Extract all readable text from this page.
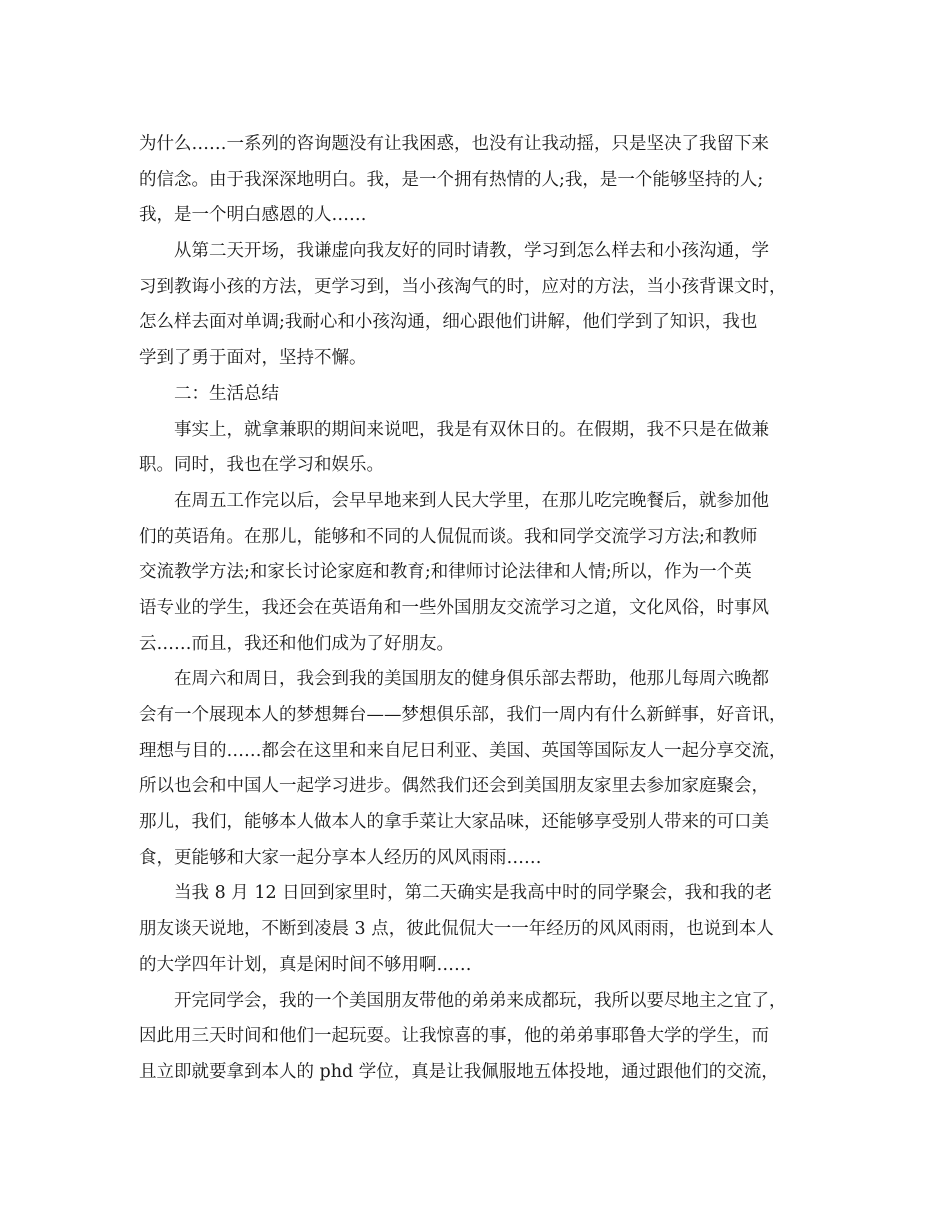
为什么……一系列的咨询题没有让我困惑，也没有让我动摇，只是坚决了我留下来
的信念。由于我深深地明白。我，是一个拥有热情的人;我，是一个能够坚持的人;
我，是一个明白感恩的人……
从第二天开场，我谦虚向我友好的同时请教，学习到怎么样去和小孩沟通，学
习到教诲小孩的方法，更学习到，当小孩淘气的时，应对的方法，当小孩背课文时，
怎么样去面对单调;我耐心和小孩沟通，细心跟他们讲解，他们学到了知识，我也
学到了勇于面对，坚持不懈。
二：生活总结
事实上，就拿兼职的期间来说吧，我是有双休日的。在假期，我不只是在做兼
职。同时，我也在学习和娱乐。
在周五工作完以后，会早早地来到人民大学里，在那儿吃完晚餐后，就参加他
们的英语角。在那儿，能够和不同的人侃侃而谈。我和同学交流学习方法;和教师
交流教学方法;和家长讨论家庭和教育;和律师讨论法律和人情;所以，作为一个英
语专业的学生，我还会在英语角和一些外国朋友交流学习之道，文化风俗，时事风
云……而且，我还和他们成为了好朋友。
在周六和周日，我会到我的美国朋友的健身俱乐部去帮助，他那儿每周六晚都
会有一个展现本人的梦想舞台——梦想俱乐部，我们一周内有什么新鲜事，好音讯，
理想与目的……都会在这里和来自尼日利亚、美国、英国等国际友人一起分享交流，
所以也会和中国人一起学习进步。偶然我们还会到美国朋友家里去参加家庭聚会，
那儿，我们，能够本人做本人的拿手菜让大家品味，还能够享受别人带来的可口美
食，更能够和大家一起分享本人经历的风风雨雨……
当我 8 月 12 日回到家里时，第二天确实是我高中时的同学聚会，我和我的老
朋友谈天说地，不断到凌晨 3 点，彼此侃侃大一一年经历的风风雨雨，也说到本人
的大学四年计划，真是闲时间不够用啊……
开完同学会，我的一个美国朋友带他的弟弟来成都玩，我所以要尽地主之宜了，
因此用三天时间和他们一起玩耍。让我惊喜的事，他的弟弟事耶鲁大学的学生，而
且立即就要拿到本人的 phd 学位，真是让我佩服地五体投地，通过跟他们的交流，
